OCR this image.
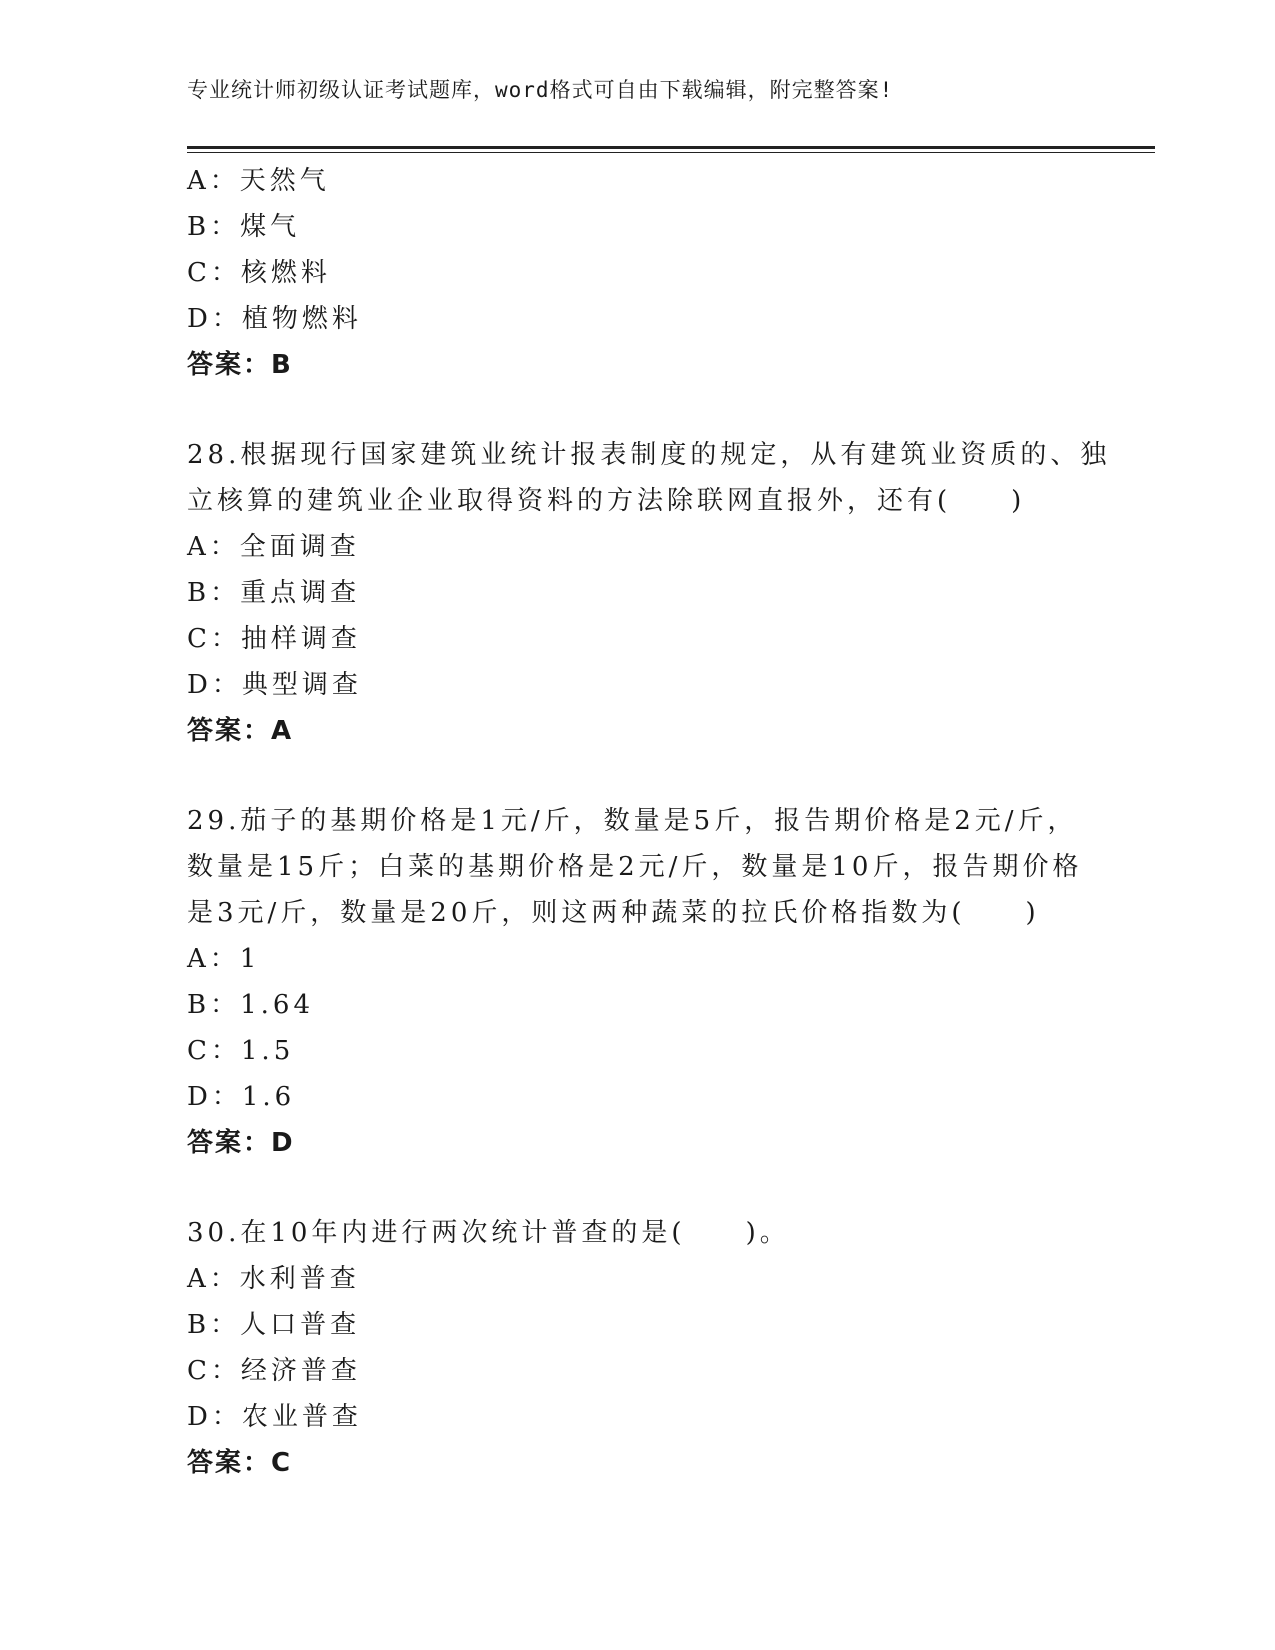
专业统计师初级认证考试题库，word格式可自由下载编辑，附完整答案!
A：天然气
B：煤气
C：核燃料
D：植物燃料
答案：B
28.根据现行国家建筑业统计报表制度的规定，从有建筑业资质的、独
立核算的建筑业企业取得资料的方法除联网直报外，还有(　　)
A：全面调查
B：重点调查
C：抽样调查
D：典型调查
答案：A
29.茄子的基期价格是1元/斤，数量是5斤，报告期价格是2元/斤，
数量是15斤；白菜的基期价格是2元/斤，数量是10斤，报告期价格
是3元/斤，数量是20斤，则这两种蔬菜的拉氏价格指数为(　　)
A：1
B：1.64
C：1.5
D：1.6
答案：D
30.在10年内进行两次统计普查的是(　　)。
A：水利普查
B：人口普查
C：经济普查
D：农业普查
答案：C
